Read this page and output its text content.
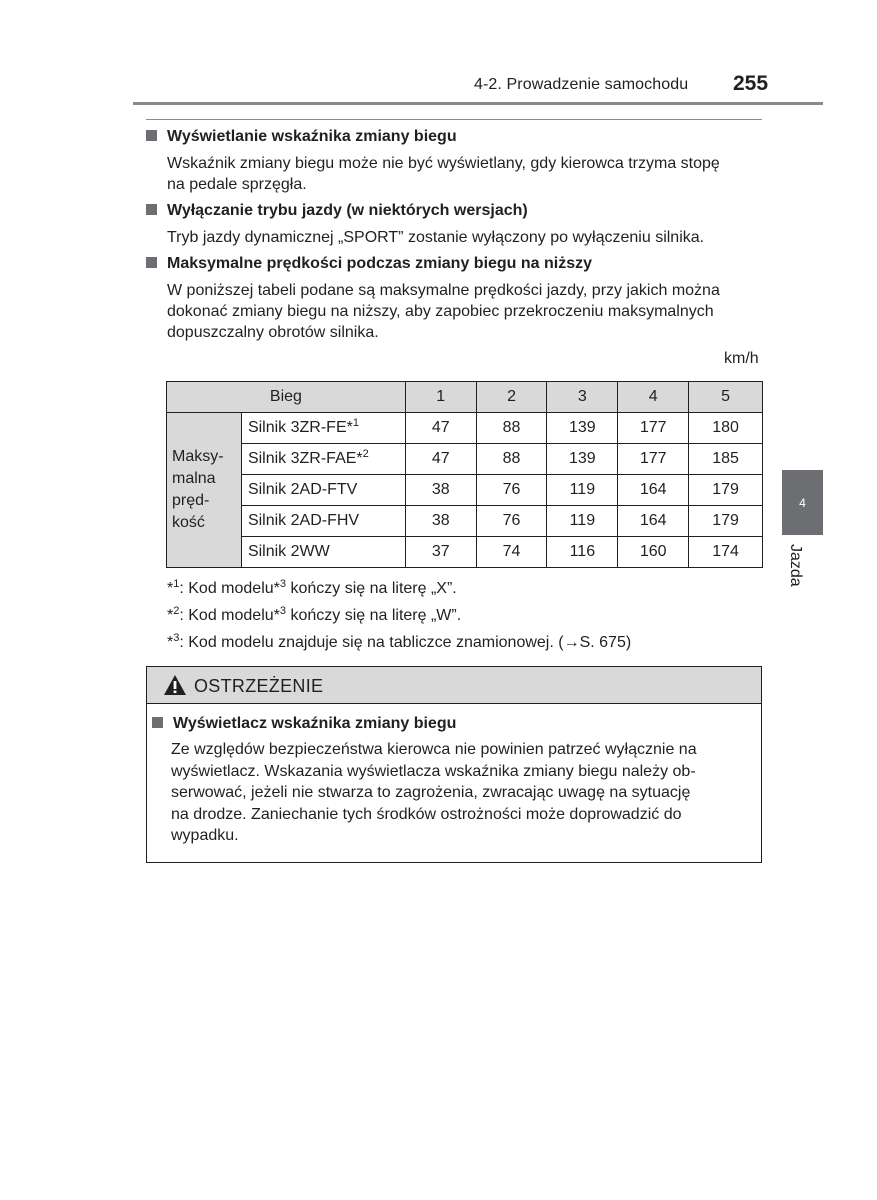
4-2. Prowadzenie samochodu 255
Wyświetlanie wskaźnika zmiany biegu
Wskaźnik zmiany biegu może nie być wyświetlany, gdy kierowca trzyma stopę
na pedale sprzęgła.
Wyłączanie trybu jazdy (w niektórych wersjach)
Tryb jazdy dynamicznej „SPORT” zostanie wyłączony po wyłączeniu silnika.
Maksymalne prędkości podczas zmiany biegu na niższy
W poniższej tabeli podane są maksymalne prędkości jazdy, przy jakich można
dokonać zmiany biegu na niższy, aby zapobiec przekroczeniu maksymalnych
dopuszczalny obrotów silnika.
km/h
Bieg		1	2	3	4	5

Maksy-
malna
pręd-
kość	Silnik 3ZR-FE*$^1$	47	88	139	177	180
	Silnik 3ZR-FAE*$^2$	47	88	139	177	185
	Silnik 2AD-FTV	38	76	119	164	179
	Silnik 2AD-FHV	38	76	119	164	179
	Silnik 2WW	37	74	116	160	174
*$^1$: Kod modelu*$^3$ kończy się na literę „X”.
*$^2$: Kod modelu*$^3$ kończy się na literę „W”.
*$^3$: Kod modelu znajduje się na tabliczce znamionowej. (→S. 675)
OSTRZEŻENIE
Wyświetlacz wskaźnika zmiany biegu
Ze względów bezpieczeństwa kierowca nie powinien patrzeć wyłącznie na
wyświetlacz. Wskazania wyświetlacza wskaźnika zmiany biegu należy ob-
serwować, jeżeli nie stwarza to zagrożenia, zwracając uwagę na sytuację
na drodze. Zaniechanie tych środków ostrożności może doprowadzić do
wypadku.
4
Jazda
